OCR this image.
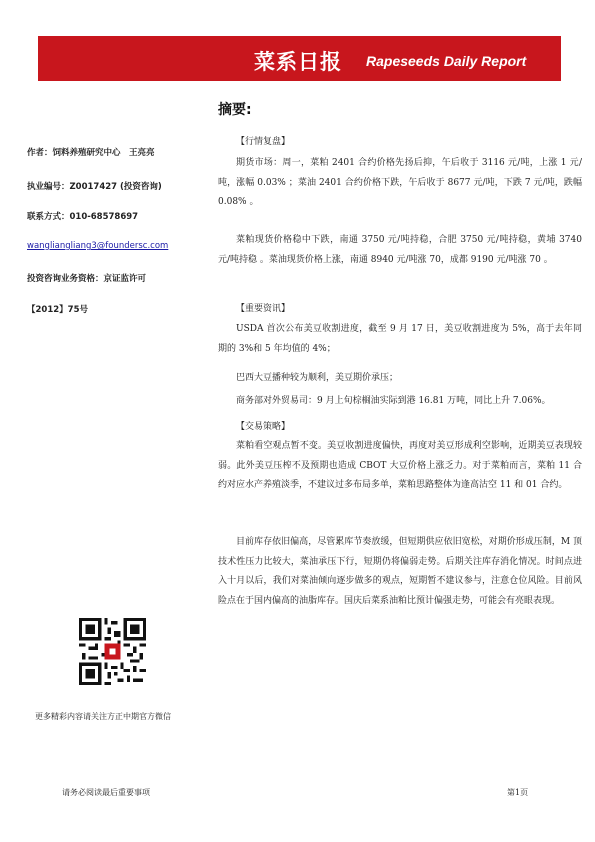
菜系日报 Rapeseeds Daily Report
作者：饲料养殖研究中心　王亮亮
执业编号：Z0017427 (投资咨询)
联系方式：010-68578697
wangliangliang3@foundersc.com
投资咨询业务资格：京证监许可
【2012】75号
摘要:
【行情复盘】
期货市场：周一，菜粕 2401 合约价格先扬后抑，午后收于 3116 元/吨，上涨 1 元/吨，涨幅 0.03% ；菜油 2401 合约价格下跌，午后收于 8677 元/吨，下跌 7 元/吨，跌幅 0.08% 。
菜粕现货价格稳中下跌，南通 3750 元/吨持稳，合肥 3750 元/吨持稳，黄埔 3740 元/吨持稳 。菜油现货价格上涨，南通 8940 元/吨涨 70，成都 9190 元/吨涨 70 。
【重要资讯】
USDA 首次公布美豆收割进度，截至 9 月 17 日，美豆收割进度为 5%，高于去年同期的 3%和 5 年均值的 4%；
巴西大豆播种较为顺利，美豆期价承压；
商务部对外贸易司：9 月上旬棕榈油实际到港 16.81 万吨，同比上升 7.06%。
【交易策略】
菜粕看空观点暂不变。美豆收割进度偏快，再度对美豆形成利空影响，近期美豆表现较弱。此外美豆压榨不及预期也造成 CBOT 大豆价格上涨乏力。对于菜粕而言，菜粕 11 合约对应水产养殖淡季，不建议过多布局多单，菜粕思路整体为逢高沽空 11 和 01 合约。
目前库存依旧偏高，尽管累库节奏放缓，但短期供应依旧宽松，对期价形成压制，M 顶技术性压力比较大，菜油承压下行，短期仍将偏弱走势。后期关注库存消化情况。时间点进入十月以后，我们对菜油倾向逐步做多的观点，短期暂不建议参与，注意仓位风险。目前风险点在于国内偏高的油脂库存。国庆后菜系油粕比预计偏强走势，可能会有亮眼表现。
更多精彩内容请关注方正中期官方微信
请务必阅读最后重要事项	第1页
